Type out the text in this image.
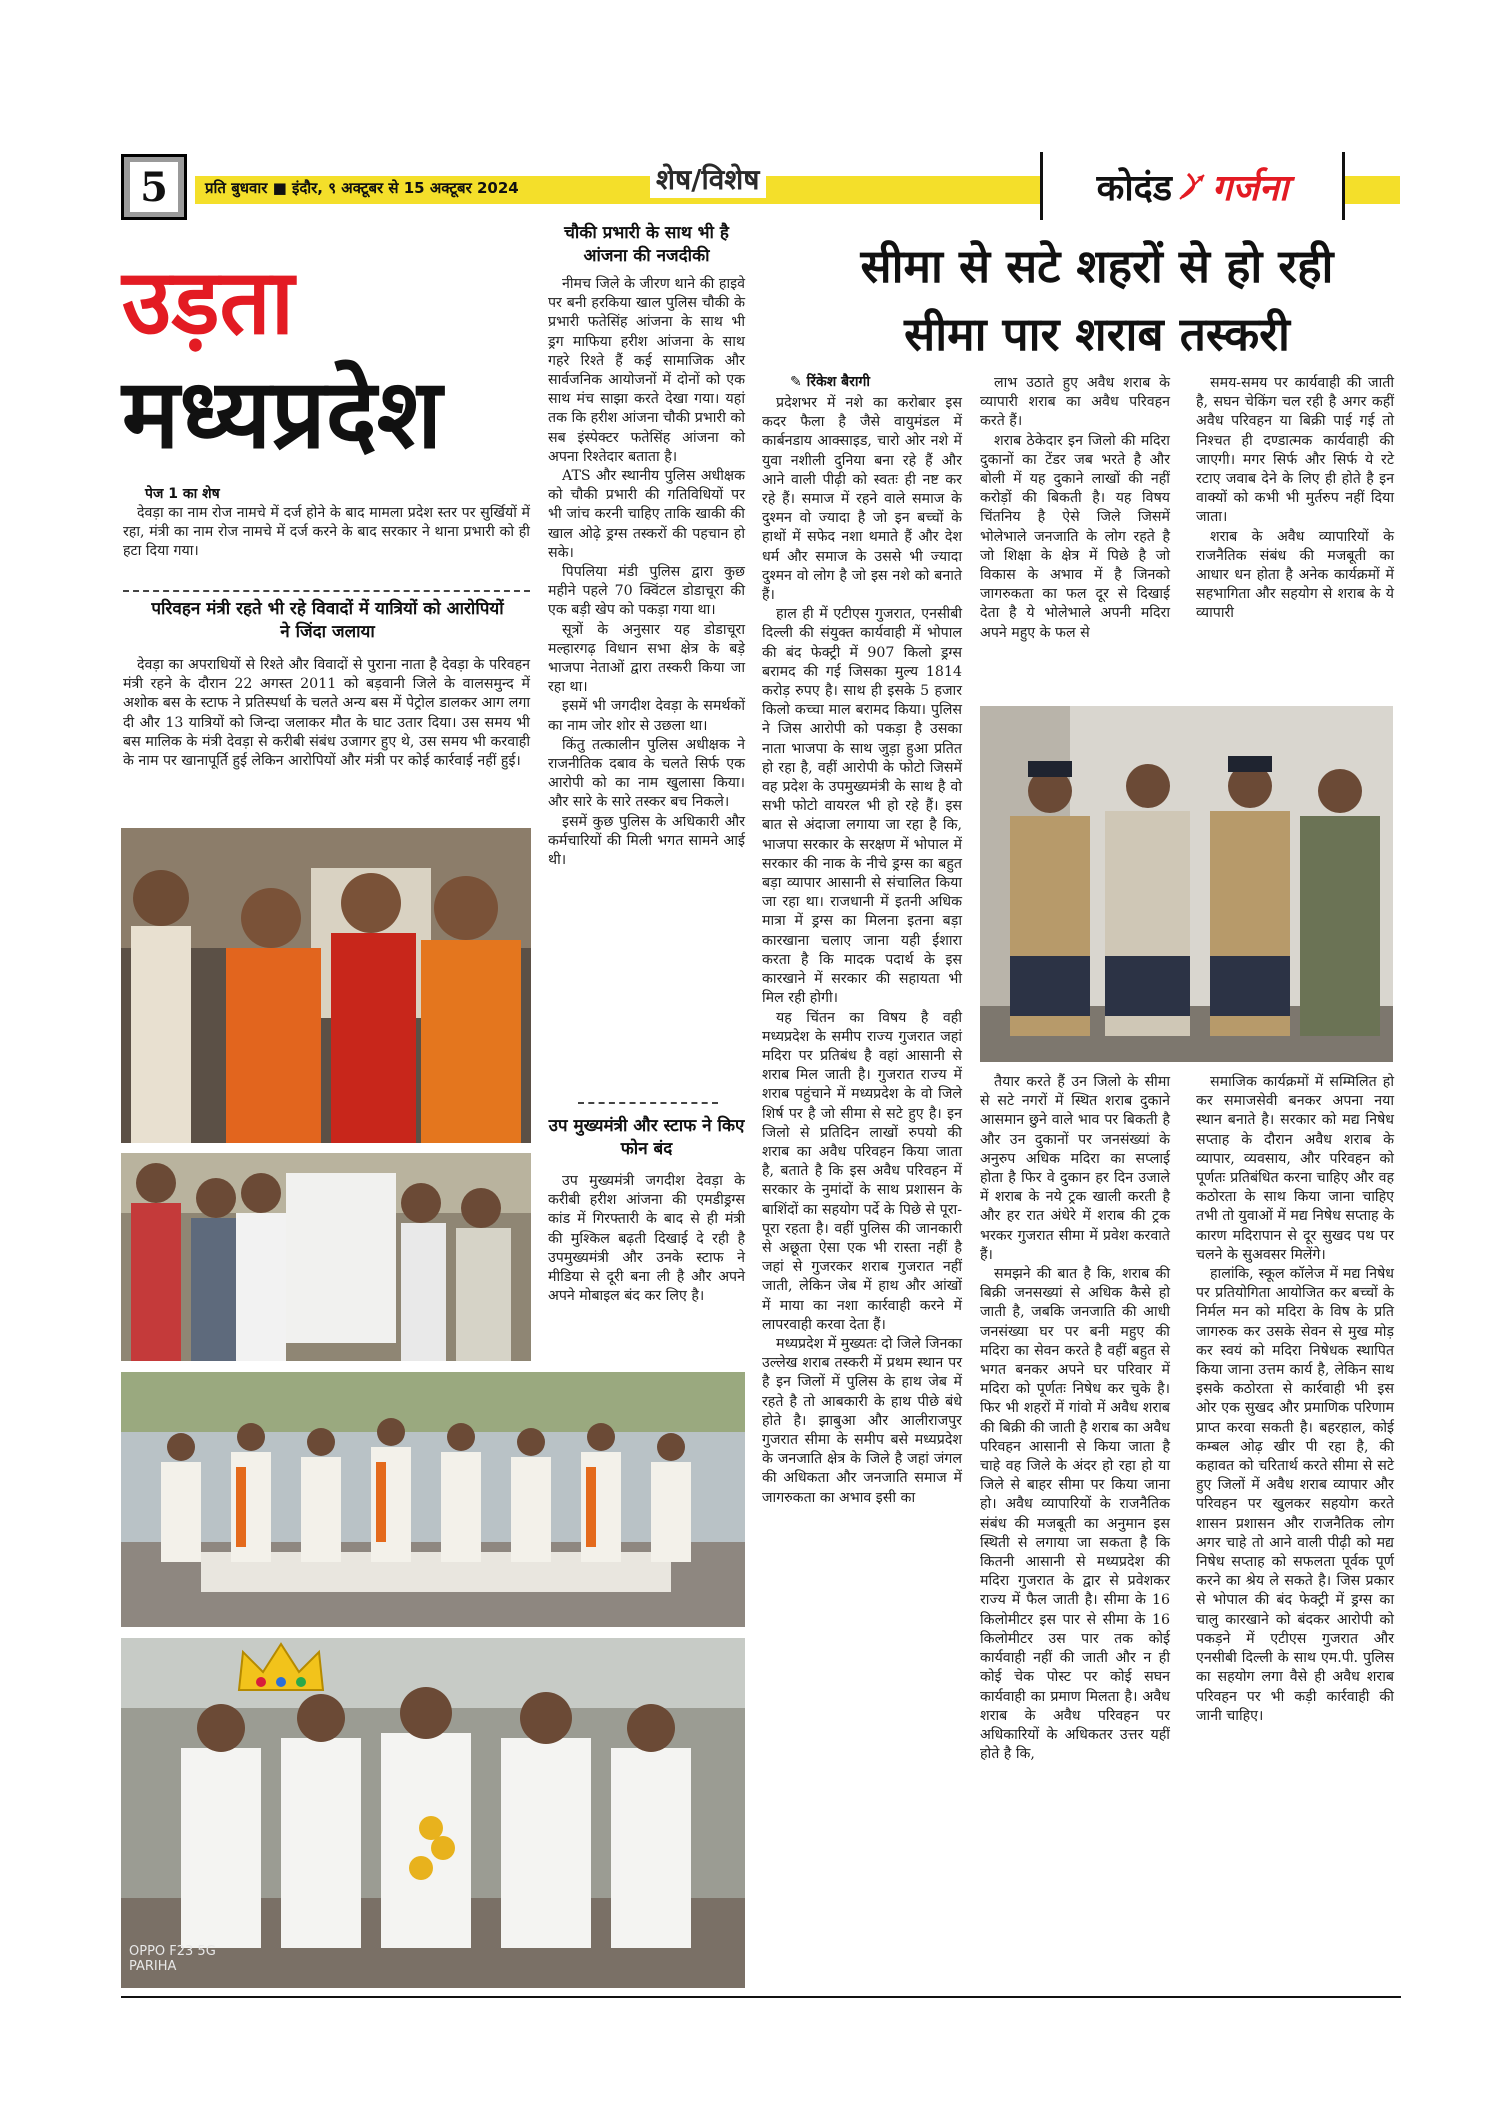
5	प्रति बुधवार ■ इंदौर, ९ अक्टूबर से 15 अक्टूबर 2024	शेष/विशेष	कोदंड गर्जना
उड़ता
मध्यप्रदेश
पेज 1 का शेष

देवड़ा का नाम रोज नामचे में दर्ज होने के बाद मामला प्रदेश स्तर पर सुर्खियों में रहा, मंत्री का नाम रोज नामचे में दर्ज करने के बाद सरकार ने थाना प्रभारी को ही हटा दिया गया।

परिवहन मंत्री रहते भी रहे विवादों में यात्रियों को आरोपियों ने जिंदा जलाया

देवड़ा का अपराधियों से रिश्ते और विवादों से पुराना नाता है देवड़ा के परिवहन मंत्री रहने के दौरान 22 अगस्त 2011 को बड़वानी जिले के वालसमुन्द में अशोक बस के स्टाफ ने प्रतिस्पर्धा के चलते अन्य बस में पेट्रोल डालकर आग लगा दी और 13 यात्रियों को जिन्दा जलाकर मौत के घाट उतार दिया। उस समय भी बस मालिक के मंत्री देवड़ा से करीबी संबंध उजागर हुए थे, उस समय भी करवाही के नाम पर खानापूर्ति हुई लेकिन आरोपियों और मंत्री पर कोई कार्रवाई नहीं हुई।

OPPO F23 5G
PARIHA
चौकी प्रभारी के साथ भी है आंजना की नजदीकी

नीमच जिले के जीरण थाने की हाइवे पर बनी हरकिया खाल पुलिस चौकी के प्रभारी फतेसिंह आंजना के साथ भी ड्रग माफिया हरीश आंजना के साथ गहरे रिश्ते हैं कई सामाजिक और सार्वजनिक आयोजनों में दोनों को एक साथ मंच साझा करते देखा गया। यहां तक कि हरीश आंजना चौकी प्रभारी को सब इंस्पेक्टर फतेसिंह आंजना को अपना रिश्तेदार बताता है।

ATS और स्थानीय पुलिस अधीक्षक को चौकी प्रभारी की गतिविधियों पर भी जांच करनी चाहिए ताकि खाकी की खाल ओढ़े ड्रग्स तस्करों की पहचान हो सके।

पिपलिया मंडी पुलिस द्वारा कुछ महीने पहले 70 क्विंटल डोडाचूरा की एक बड़ी खेप को पकड़ा गया था।

सूत्रों के अनुसार यह डोडाचूरा मल्हारगढ़ विधान सभा क्षेत्र के बड़े भाजपा नेताओं द्वारा तस्करी किया जा रहा था।

इसमें भी जगदीश देवड़ा के समर्थकों का नाम जोर शोर से उछला था।

किंतु तत्कालीन पुलिस अधीक्षक ने राजनीतिक दबाव के चलते सिर्फ एक आरोपी को का नाम खुलासा किया। और सारे के सारे तस्कर बच निकले।

इसमें कुछ पुलिस के अधिकारी और कर्मचारियों की मिली भगत सामने आई थी।

उप मुख्यमंत्री और स्टाफ ने किए फोन बंद

उप मुख्यमंत्री जगदीश देवड़ा के करीबी हरीश आंजना की एमडीड्रग्स कांड में गिरफ्तारी के बाद से ही मंत्री की मुश्किल बढ़ती दिखाई दे रही है उपमुख्यमंत्री और उनके स्टाफ ने मीडिया से दूरी बना ली है और अपने अपने मोबाइल बंद कर लिए है।

सीमा से सटे शहरों से हो रही
सीमा पार शराब तस्करी
✎ रिंकेश बैरागी

प्रदेशभर में नशे का करोबार इस कदर फैला है जैसे वायुमंडल में कार्बनडाय आक्साइड, चारो ओर नशे में युवा नशीली दुनिया बना रहे हैं और आने वाली पीढ़ी को स्वतः ही नष्ट कर रहे हैं। समाज में रहने वाले समाज के दुश्मन वो ज्यादा है जो इन बच्चों के हाथों में सफेद नशा थमाते हैं और देश धर्म और समाज के उससे भी ज्यादा दुश्मन वो लोग है जो इस नशे को बनाते हैं।

हाल ही में एटीएस गुजरात, एनसीबी दिल्ली की संयुक्त कार्यवाही में भोपाल की बंद फेक्ट्री में 907 किलो ड्रग्स बरामद की गई जिसका मुल्य 1814 करोड़ रुपए है। साथ ही इसके 5 हजार किलो कच्चा माल बरामद किया। पुलिस ने जिस आरोपी को पकड़ा है उसका नाता भाजपा के साथ जुड़ा हुआ प्रतित हो रहा है, वहीं आरोपी के फोटो जिसमें वह प्रदेश के उपमुख्यमंत्री के साथ है वो सभी फोटो वायरल भी हो रहे हैं। इस बात से अंदाजा लगाया जा रहा है कि, भाजपा सरकार के सरक्षण में भोपाल में सरकार की नाक के नीचे ड्रग्स का बहुत बड़ा व्यापार आसानी से संचालित किया जा रहा था। राजधानी में इतनी अधिक मात्रा में ड्रग्स का मिलना इतना बड़ा कारखाना चलाए जाना यही ईशारा करता है कि मादक पदार्थ के इस कारखाने में सरकार की सहायता भी मिल रही होगी।

यह चिंतन का विषय है वही मध्यप्रदेश के समीप राज्य गुजरात जहां मदिरा पर प्रतिबंध है वहां आसानी से शराब मिल जाती है। गुजरात राज्य में शराब पहुंचाने में मध्यप्रदेश के वो जिले शिर्ष पर है जो सीमा से सटे हुए है। इन जिलो से प्रतिदिन लाखों रुपयो की शराब का अवैध परिवहन किया जाता है, बताते है कि इस अवैध परिवहन में सरकार के नुमांदों के साथ प्रशासन के बाशिंदों का सहयोग पर्दे के पिछे से पूरा-पूरा रहता है। वहीं पुलिस की जानकारी से अछूता ऐसा एक भी रास्ता नहीं है जहां से गुजरकर शराब गुजरात नहीं जाती, लेकिन जेब में हाथ और आंखों में माया का नशा कार्रवाही करने में लापरवाही करवा देता हैं।

मध्यप्रदेश में मुख्यतः दो जिले जिनका उल्लेख शराब तस्करी में प्रथम स्थान पर है इन जिलों में पुलिस के हाथ जेब में रहते है तो आबकारी के हाथ पीछे बंधे होते है। झाबुआ और आलीराजपुर गुजरात सीमा के समीप बसे मध्यप्रदेश के जनजाति क्षेत्र के जिले है जहां जंगल की अधिकता और जनजाति समाज में जागरुकता का अभाव इसी का

लाभ उठाते हुए अवैध शराब के व्यापारी शराब का अवैध परिवहन करते हैं।

शराब ठेकेदार इन जिलो की मदिरा दुकानों का टेंडर जब भरते है और बोली में यह दुकाने लाखों की नहीं करोड़ों की बिकती है। यह विषय चिंतनिय है ऐसे जिले जिसमें भोलेभाले जनजाति के लोग रहते है जो शिक्षा के क्षेत्र में पिछे है जो विकास के अभाव में है जिनको जागरुकता का फल दूर से दिखाई देता है ये भोलेभाले अपनी मदिरा अपने महुए के फल से

समय-समय पर कार्यवाही की जाती है, सघन चेकिंग चल रही है अगर कहीं अवैध परिवहन या बिक्री पाई गई तो निश्चत ही दण्डात्मक कार्यवाही की जाएगी। मगर सिर्फ और सिर्फ ये रटे रटाए जवाब देने के लिए ही होते है इन वाक्यों को कभी भी मुर्तरुप नहीं दिया जाता।

शराब के अवैध व्यापारियों के राजनैतिक संबंध की मजबूती का आधार धन होता है अनेक कार्यक्रमों में सहभागिता और सहयोग से शराब के ये व्यापारी

तैयार करते हैं उन जिलो के सीमा से सटे नगरों में स्थित शराब दुकाने आसमान छुने वाले भाव पर बिकती है और उन दुकानों पर जनसंख्यां के अनुरुप अधिक मदिरा का सप्लाई होता है फिर वे दुकान हर दिन उजाले में शराब के नये ट्रक खाली करती है और हर रात अंधेरे में शराब की ट्रक भरकर गुजरात सीमा में प्रवेश करवाते हैं।

समझने की बात है कि, शराब की बिक्री जनसख्यां से अधिक कैसे हो जाती है, जबकि जनजाति की आधी जनसंख्या घर पर बनी महुए की मदिरा का सेवन करते है वहीं बहुत से भगत बनकर अपने घर परिवार में मदिरा को पूर्णतः निषेध कर चुके है। फिर भी शहरों में गांवो में अवैध शराब की बिक्री की जाती है शराब का अवैध परिवहन आसानी से किया जाता है चाहे वह जिले के अंदर हो रहा हो या जिले से बाहर सीमा पर किया जाना हो। अवैध व्यापारियों के राजनैतिक संबंध की मजबूती का अनुमान इस स्थिती से लगाया जा सकता है कि कितनी आसानी से मध्यप्रदेश की मदिरा गुजरात के द्वार से प्रवेशकर राज्य में फैल जाती है। सीमा के 16 किलोमीटर इस पार से सीमा के 16 किलोमीटर उस पार तक कोई कार्यवाही नहीं की जाती और न ही कोई चेक पोस्ट पर कोई सघन कार्यवाही का प्रमाण मिलता है। अवैध शराब के अवैध परिवहन पर अधिकारियों के अधिकतर उत्तर यहीं होते है कि,

समाजिक कार्यक्रमों में सम्मिलित हो कर समाजसेवी बनकर अपना नया स्थान बनाते है। सरकार को मद्य निषेध सप्ताह के दौरान अवैध शराब के व्यापार, व्यवसाय, और परिवहन को पूर्णतः प्रतिबंधित करना चाहिए और वह कठोरता के साथ किया जाना चाहिए तभी तो युवाओं में मद्य निषेध सप्ताह के कारण मदिरापान से दूर सुखद पथ पर चलने के सुअवसर मिलेंगे।

हालांकि, स्कूल कॉलेज में मद्य निषेध पर प्रतियोगिता आयोजित कर बच्चों के निर्मल मन को मदिरा के विष के प्रति जागरुक कर उसके सेवन से मुख मोड़ कर स्वयं को मदिरा निषेधक स्थापित किया जाना उत्तम कार्य है, लेकिन साथ इसके कठोरता से कार्रवाही भी इस ओर एक सुखद और प्रमाणिक परिणाम प्राप्त करवा सकती है। बहरहाल, कोई कम्बल ओढ़ खीर पी रहा है, की कहावत को चरितार्थ करते सीमा से सटे हुए जिलों में अवैध शराब व्यापार और परिवहन पर खुलकर सहयोग करते शासन प्रशासन और राजनैतिक लोग अगर चाहे तो आने वाली पीढ़ी को मद्य निषेध सप्ताह को सफलता पूर्वक पूर्ण करने का श्रेय ले सकते है। जिस प्रकार से भोपाल की बंद फेक्ट्री में ड्रग्स का चालु कारखाने को बंदकर आरोपी को पकड़ने में एटीएस गुजरात और एनसीबी दिल्ली के साथ एम.पी. पुलिस का सहयोग लगा वैसे ही अवैध शराब परिवहन पर भी कड़ी कार्रवाही की जानी चाहिए।
